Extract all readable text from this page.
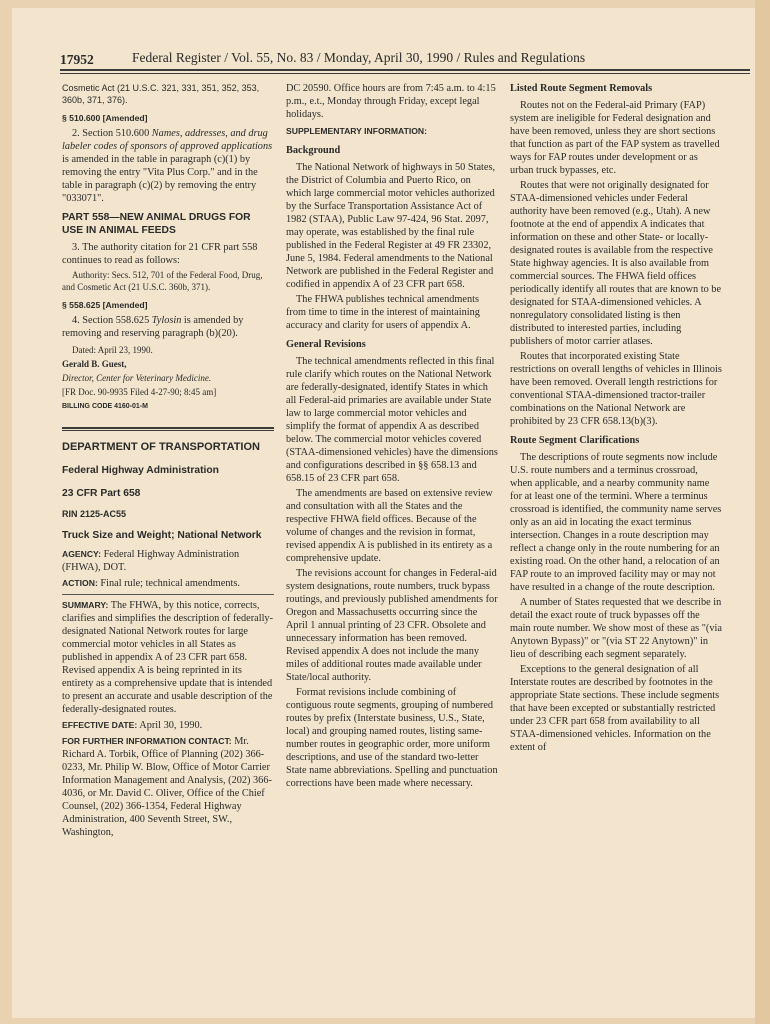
17952	Federal Register / Vol. 55, No. 83 / Monday, April 30, 1990 / Rules and Regulations

Cosmetic Act (21 U.S.C. 321, 331, 351, 352, 353, 360b, 371, 376).

§ 510.600 [Amended]

2. Section 510.600 Names, addresses, and drug labeler codes of sponsors of approved applications is amended in the table in paragraph (c)(1) by removing the entry "Vita Plus Corp." and in the table in paragraph (c)(2) by removing the entry "033071".

PART 558—NEW ANIMAL DRUGS FOR USE IN ANIMAL FEEDS

3. The authority citation for 21 CFR part 558 continues to read as follows:

Authority: Secs. 512, 701 of the Federal Food, Drug, and Cosmetic Act (21 U.S.C. 360b, 371).

§ 558.625 [Amended]

4. Section 558.625 Tylosin is amended by removing and reserving paragraph (b)(20).

Dated: April 23, 1990.

Gerald B. Guest,

Director, Center for Veterinary Medicine.

[FR Doc. 90-9935 Filed 4-27-90; 8:45 am]

BILLING CODE 4160-01-M

DEPARTMENT OF TRANSPORTATION
Federal Highway Administration
23 CFR Part 658
RIN 2125-AC55
Truck Size and Weight; National Network

AGENCY: Federal Highway Administration (FHWA), DOT.

ACTION: Final rule; technical amendments.

SUMMARY: The FHWA, by this notice, corrects, clarifies and simplifies the description of federally-designated National Network routes for large commercial motor vehicles in all States as published in appendix A of 23 CFR part 658. Revised appendix A is being reprinted in its entirety as a comprehensive update that is intended to present an accurate and usable description of the federally-designated routes.

EFFECTIVE DATE: April 30, 1990.

FOR FURTHER INFORMATION CONTACT: Mr. Richard A. Torbik, Office of Planning (202) 366-0233, Mr. Philip W. Blow, Office of Motor Carrier Information Management and Analysis, (202) 366-4036, or Mr. David C. Oliver, Office of the Chief Counsel, (202) 366-1354, Federal Highway Administration, 400 Seventh Street, SW., Washington,

DC 20590. Office hours are from 7:45 a.m. to 4:15 p.m., e.t., Monday through Friday, except legal holidays.

SUPPLEMENTARY INFORMATION:

Background

The National Network of highways in 50 States, the District of Columbia and Puerto Rico, on which large commercial motor vehicles authorized by the Surface Transportation Assistance Act of 1982 (STAA), Public Law 97-424, 96 Stat. 2097, may operate, was established by the final rule published in the Federal Register at 49 FR 23302, June 5, 1984. Federal amendments to the National Network are published in the Federal Register and codified in appendix A of 23 CFR part 658.

The FHWA publishes technical amendments from time to time in the interest of maintaining accuracy and clarity for users of appendix A.

General Revisions

The technical amendments reflected in this final rule clarify which routes on the National Network are federally-designated, identify States in which all Federal-aid primaries are available under State law to large commercial motor vehicles and simplify the format of appendix A as described below. The commercial motor vehicles covered (STAA-dimensioned vehicles) have the dimensions and configurations described in §§ 658.13 and 658.15 of 23 CFR part 658.

The amendments are based on extensive review and consultation with all the States and the respective FHWA field offices. Because of the volume of changes and the revision in format, revised appendix A is published in its entirety as a comprehensive update.

The revisions account for changes in Federal-aid system designations, route numbers, truck bypass routings, and previously published amendments for Oregon and Massachusetts occurring since the April 1 annual printing of 23 CFR. Obsolete and unnecessary information has been removed. Revised appendix A does not include the many miles of additional routes made available under State/local authority.

Format revisions include combining of contiguous route segments, grouping of numbered routes by prefix (Interstate business, U.S., State, local) and grouping named routes, listing same-number routes in geographic order, more uniform descriptions, and use of the standard two-letter State name abbreviations. Spelling and punctuation corrections have been made where necessary.

Listed Route Segment Removals

Routes not on the Federal-aid Primary (FAP) system are ineligible for Federal designation and have been removed, unless they are short sections that function as part of the FAP system as travelled ways for FAP routes under development or as urban truck bypasses, etc.

Routes that were not originally designated for STAA-dimensioned vehicles under Federal authority have been removed (e.g., Utah). A new footnote at the end of appendix A indicates that information on these and other State- or locally-designated routes is available from the respective State highway agencies. It is also available from commercial sources. The FHWA field offices periodically identify all routes that are known to be designated for STAA-dimensioned vehicles. A nonregulatory consolidated listing is then distributed to interested parties, including publishers of motor carrier atlases.

Routes that incorporated existing State restrictions on overall lengths of vehicles in Illinois have been removed. Overall length restrictions for conventional STAA-dimensioned tractor-trailer combinations on the National Network are prohibited by 23 CFR 658.13(b)(3).

Route Segment Clarifications

The descriptions of route segments now include U.S. route numbers and a terminus crossroad, when applicable, and a nearby community name for at least one of the termini. Where a terminus crossroad is identified, the community name serves only as an aid in locating the exact terminus intersection. Changes in a route description may reflect a change only in the route numbering for an existing road. On the other hand, a relocation of an FAP route to an improved facility may or may not have resulted in a change of the route description.

A number of States requested that we describe in detail the exact route of truck bypasses off the main route number. We show most of these as "(via Anytown Bypass)" or "(via ST 22 Anytown)" in lieu of describing each segment separately.

Exceptions to the general designation of all Interstate routes are described by footnotes in the appropriate State sections. These include segments that have been excepted or substantially restricted under 23 CFR part 658 from availability to all STAA-dimensioned vehicles. Information on the extent of
